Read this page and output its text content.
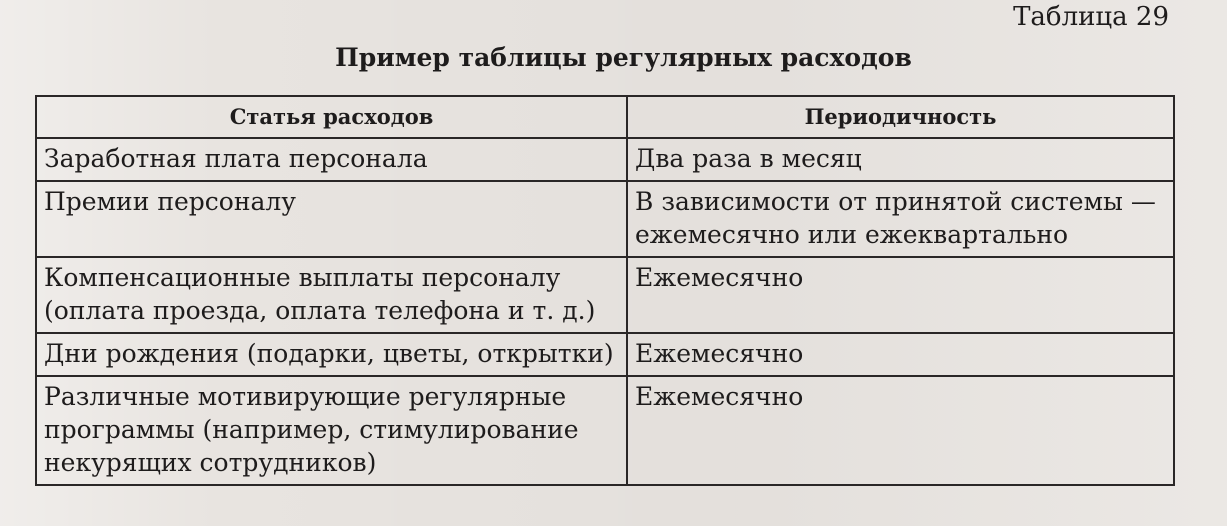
Таблица 29
Пример таблицы регулярных расходов
Статья расходов	Периодичность

Заработная плата персонала	Два раза в месяц

Премии персоналу	В зависимости от принятой системы —
ежемесячно или ежеквартально

Компенсационные выплаты персоналу
(оплата проезда, оплата телефона и т. д.)	Ежемесячно

Дни рождения (подарки, цветы, открытки)	Ежемесячно

Различные мотивирующие регулярные
программы (например, стимулирование
некурящих сотрудников)	Ежемесячно
